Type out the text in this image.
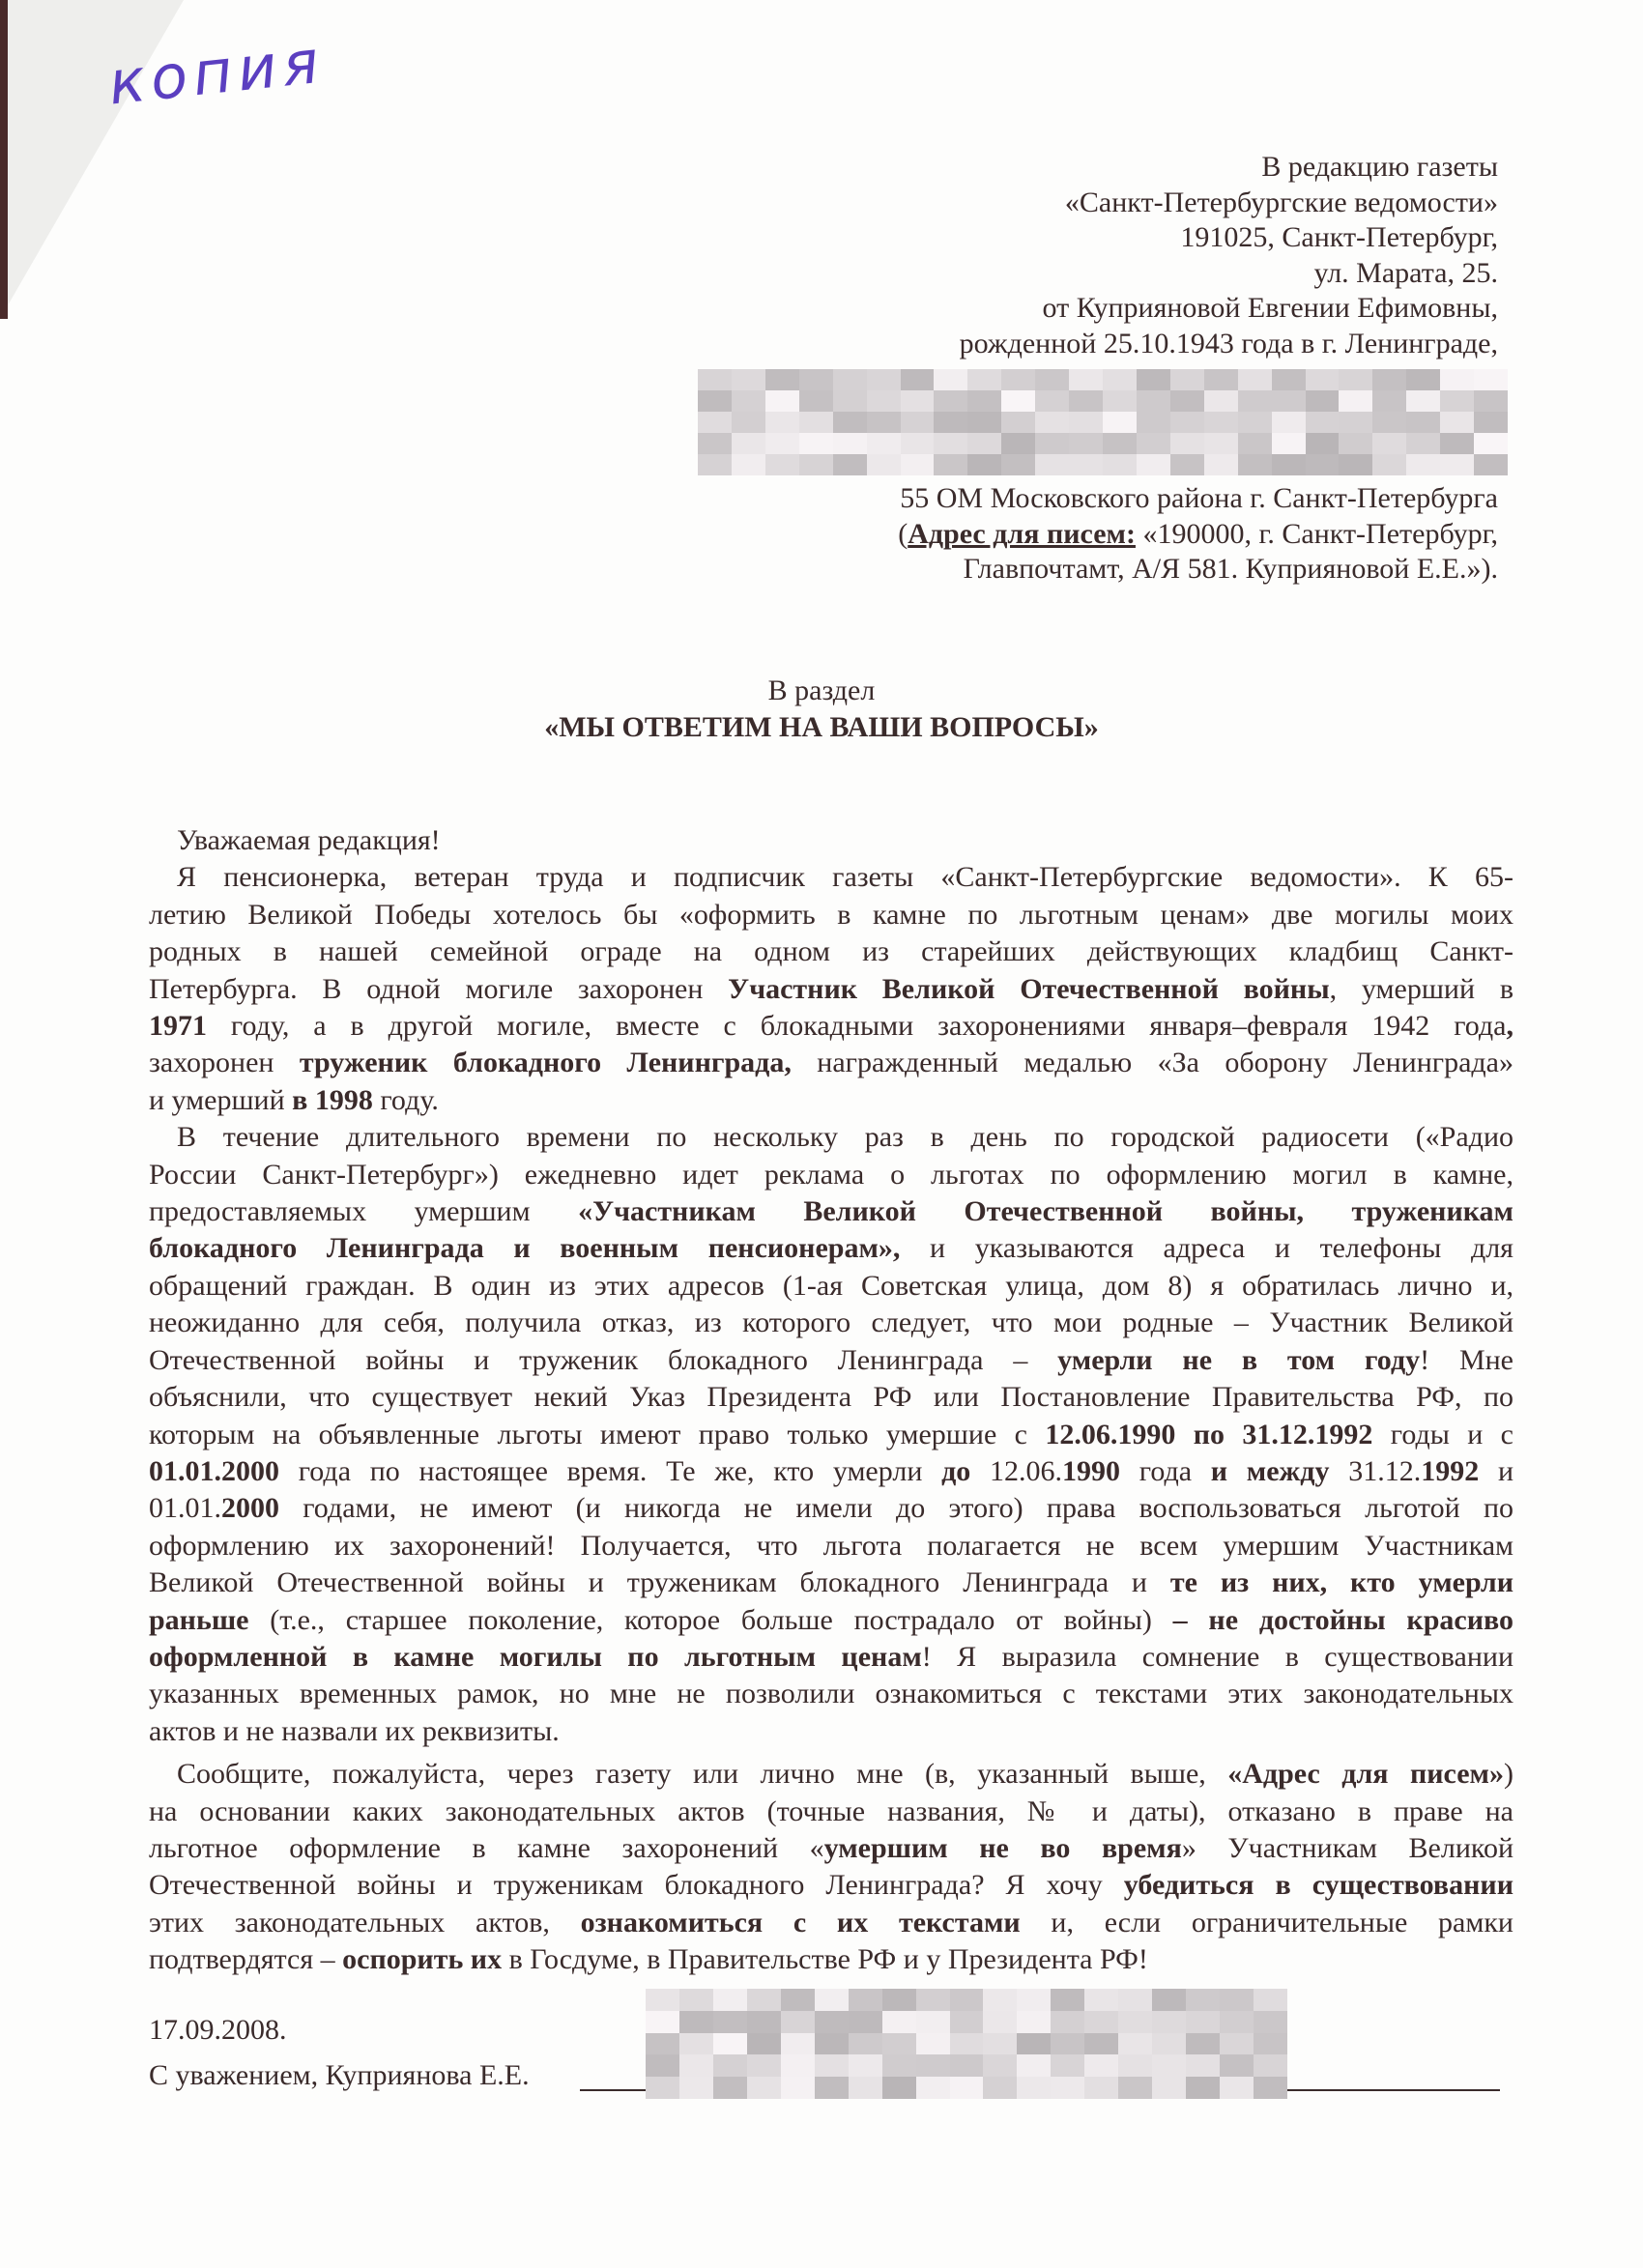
копия
В редакцию газеты
«Санкт-Петербургские ведомости»
191025, Санкт-Петербург,
ул. Марата, 25.
от Куприяновой Евгении Ефимовны,
рожденной 25.10.1943 года в г. Ленинграде,
55 ОМ Московского района г. Санкт-Петербурга
(Адрес для писем: «190000, г. Санкт-Петербург,
Главпочтамт, А/Я 581. Куприяновой Е.Е.»).
В раздел
«МЫ ОТВЕТИМ НА ВАШИ ВОПРОСЫ»
Уважаемая редакция!
Я пенсионерка, ветеран труда и подписчик газеты «Санкт-Петербургские ведомости». К 65-
летию Великой Победы хотелось бы «оформить в камне по льготным ценам» две могилы моих
родных в нашей семейной ограде на одном из старейших действующих кладбищ Санкт-
Петербурга. В одной могиле захоронен Участник Великой Отечественной войны, умерший в
1971 году, а в другой могиле, вместе с блокадными захоронениями января–февраля 1942 года,
захоронен труженик блокадного Ленинграда, награжденный медалью «За оборону Ленинграда»
и умерший в 1998 году.
В течение длительного времени по нескольку раз в день по городской радиосети («Радио
России Санкт-Петербург») ежедневно идет реклама о льготах по оформлению могил в камне,
предоставляемых умершим «Участникам Великой Отечественной войны, труженикам
блокадного Ленинграда и военным пенсионерам», и указываются адреса и телефоны для
обращений граждан. В один из этих адресов (1-ая Советская улица, дом 8) я обратилась лично и,
неожиданно для себя, получила отказ, из которого следует, что мои родные – Участник Великой
Отечественной войны и труженик блокадного Ленинграда – умерли не в том году! Мне
объяснили, что существует некий Указ Президента РФ или Постановление Правительства РФ, по
которым на объявленные льготы имеют право только умершие с 12.06.1990 по 31.12.1992 годы и с
01.01.2000 года по настоящее время. Те же, кто умерли до 12.06.1990 года и между 31.12.1992 и
01.01.2000 годами, не имеют (и никогда не имели до этого) права воспользоваться льготой по
оформлению их захоронений! Получается, что льгота полагается не всем умершим Участникам
Великой Отечественной войны и труженикам блокадного Ленинграда и те из них, кто умерли
раньше (т.е., старшее поколение, которое больше пострадало от войны) – не достойны красиво
оформленной в камне могилы по льготным ценам! Я выразила сомнение в существовании
указанных временных рамок, но мне не позволили ознакомиться с текстами этих законодательных
актов и не назвали их реквизиты.
Сообщите, пожалуйста, через газету или лично мне (в, указанный выше, «Адрес для писем»)
на основании каких законодательных актов (точные названия, № и даты), отказано в праве на
льготное оформление в камне захоронений «умершим не во время» Участникам Великой
Отечественной войны и труженикам блокадного Ленинграда? Я хочу убедиться в существовании
этих законодательных актов, ознакомиться с их текстами и, если ограничительные рамки
подтвердятся – оспорить их в Госдуме, в Правительстве РФ и у Президента РФ!
17.09.2008.
С уважением, Куприянова Е.Е.
